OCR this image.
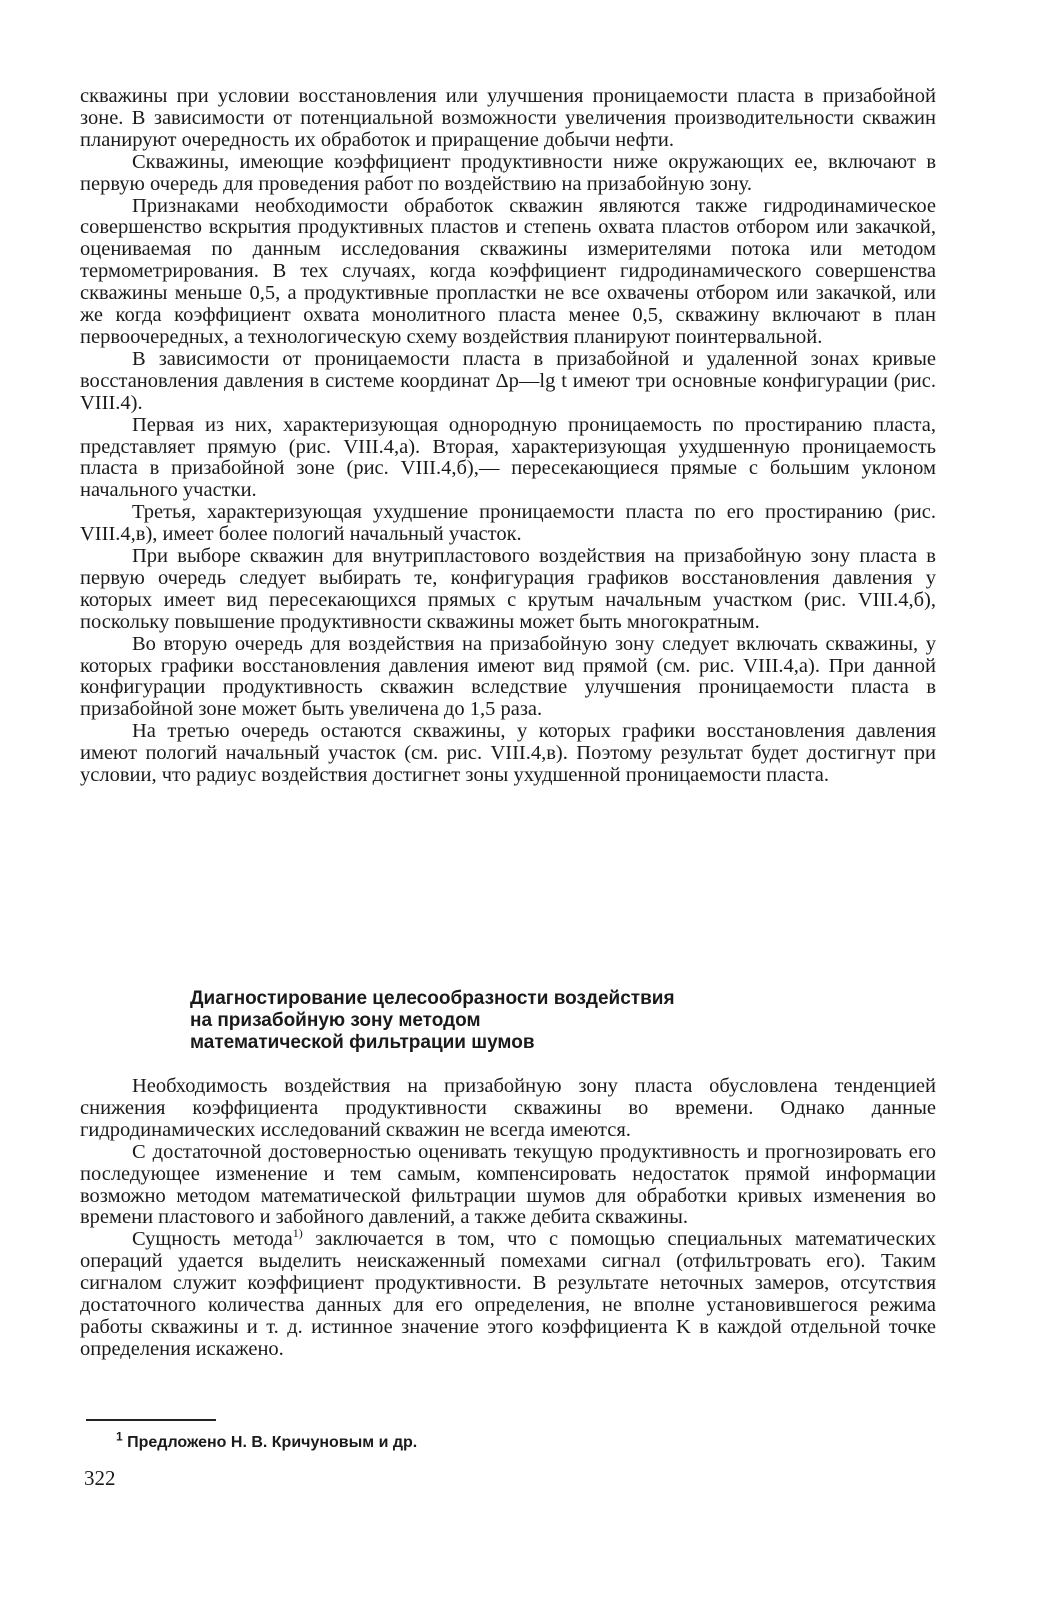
скважины при условии восстановления или улучшения проницаемости пласта в призабойной зоне. В зависимости от потенциальной возможности увеличения производительности скважин планируют очередность их обработок и приращение добычи нефти.

Скважины, имеющие коэффициент продуктивности ниже окружающих ее, включают в первую очередь для проведения работ по воздействию на призабойную зону.

Признаками необходимости обработок скважин являются также гидродинамическое совершенство вскрытия продуктивных пластов и степень охвата пластов отбором или закачкой, оцениваемая по данным исследования скважины измерителями потока или методом термометрирования. В тех случаях, когда коэффициент гидродинамического совершенства скважины меньше 0,5, а продуктивные пропластки не все охвачены отбором или закачкой, или же когда коэффициент охвата монолитного пласта менее 0,5, скважину включают в план первоочередных, а технологическую схему воздействия планируют поинтервальной.

В зависимости от проницаемости пласта в призабойной и удаленной зонах кривые восстановления давления в системе координат Δp—lg t имеют три основные конфигурации (рис. VIII.4).

Первая из них, характеризующая однородную проницаемость по простиранию пласта, представляет прямую (рис. VIII.4,а). Вторая, характеризующая ухудшенную проницаемость пласта в призабойной зоне (рис. VIII.4,б),— пересекающиеся прямые с большим уклоном начального участки.

Третья, характеризующая ухудшение проницаемости пласта по его простиранию (рис. VIII.4,в), имеет более пологий начальный участок.

При выборе скважин для внутрипластового воздействия на призабойную зону пласта в первую очередь следует выбирать те, конфигурация графиков восстановления давления у которых имеет вид пересекающихся прямых с крутым начальным участком (рис. VIII.4,б), поскольку повышение продуктивности скважины может быть многократным.

Во вторую очередь для воздействия на призабойную зону следует включать скважины, у которых графики восстановления давления имеют вид прямой (см. рис. VIII.4,а). При данной конфигурации продуктивность скважин вследствие улучшения проницаемости пласта в призабойной зоне может быть увеличена до 1,5 раза.

На третью очередь остаются скважины, у которых графики восстановления давления имеют пологий начальный участок (см. рис. VIII.4,в). Поэтому результат будет достигнут при условии, что радиус воздействия достигнет зоны ухудшенной проницаемости пласта.

Диагностирование целесообразности воздействия
на призабойную зону методом
математической фильтрации шумов

Необходимость воздействия на призабойную зону пласта обусловлена тенденцией снижения коэффициента продуктивности скважины во времени. Однако данные гидродинамических исследований скважин не всегда имеются.

С достаточной достоверностью оценивать текущую продуктивность и прогнозировать его последующее изменение и тем самым, компенсировать недостаток прямой информации возможно методом математической фильтрации шумов для обработки кривых изменения во времени пластового и забойного давлений, а также дебита скважины.

Сущность метода$^{1)}$ заключается в том, что с помощью специальных математических операций удается выделить неискаженный помехами сигнал (отфильтровать его). Таким сигналом служит коэффициент продуктивности. В результате неточных замеров, отсутствия достаточного количества данных для его определения, не вполне установившегося режима работы скважины и т. д. истинное значение этого коэффициента K в каждой отдельной точке определения искажено.

$^1$ Предложено Н. В. Кричуновым и др.
322
